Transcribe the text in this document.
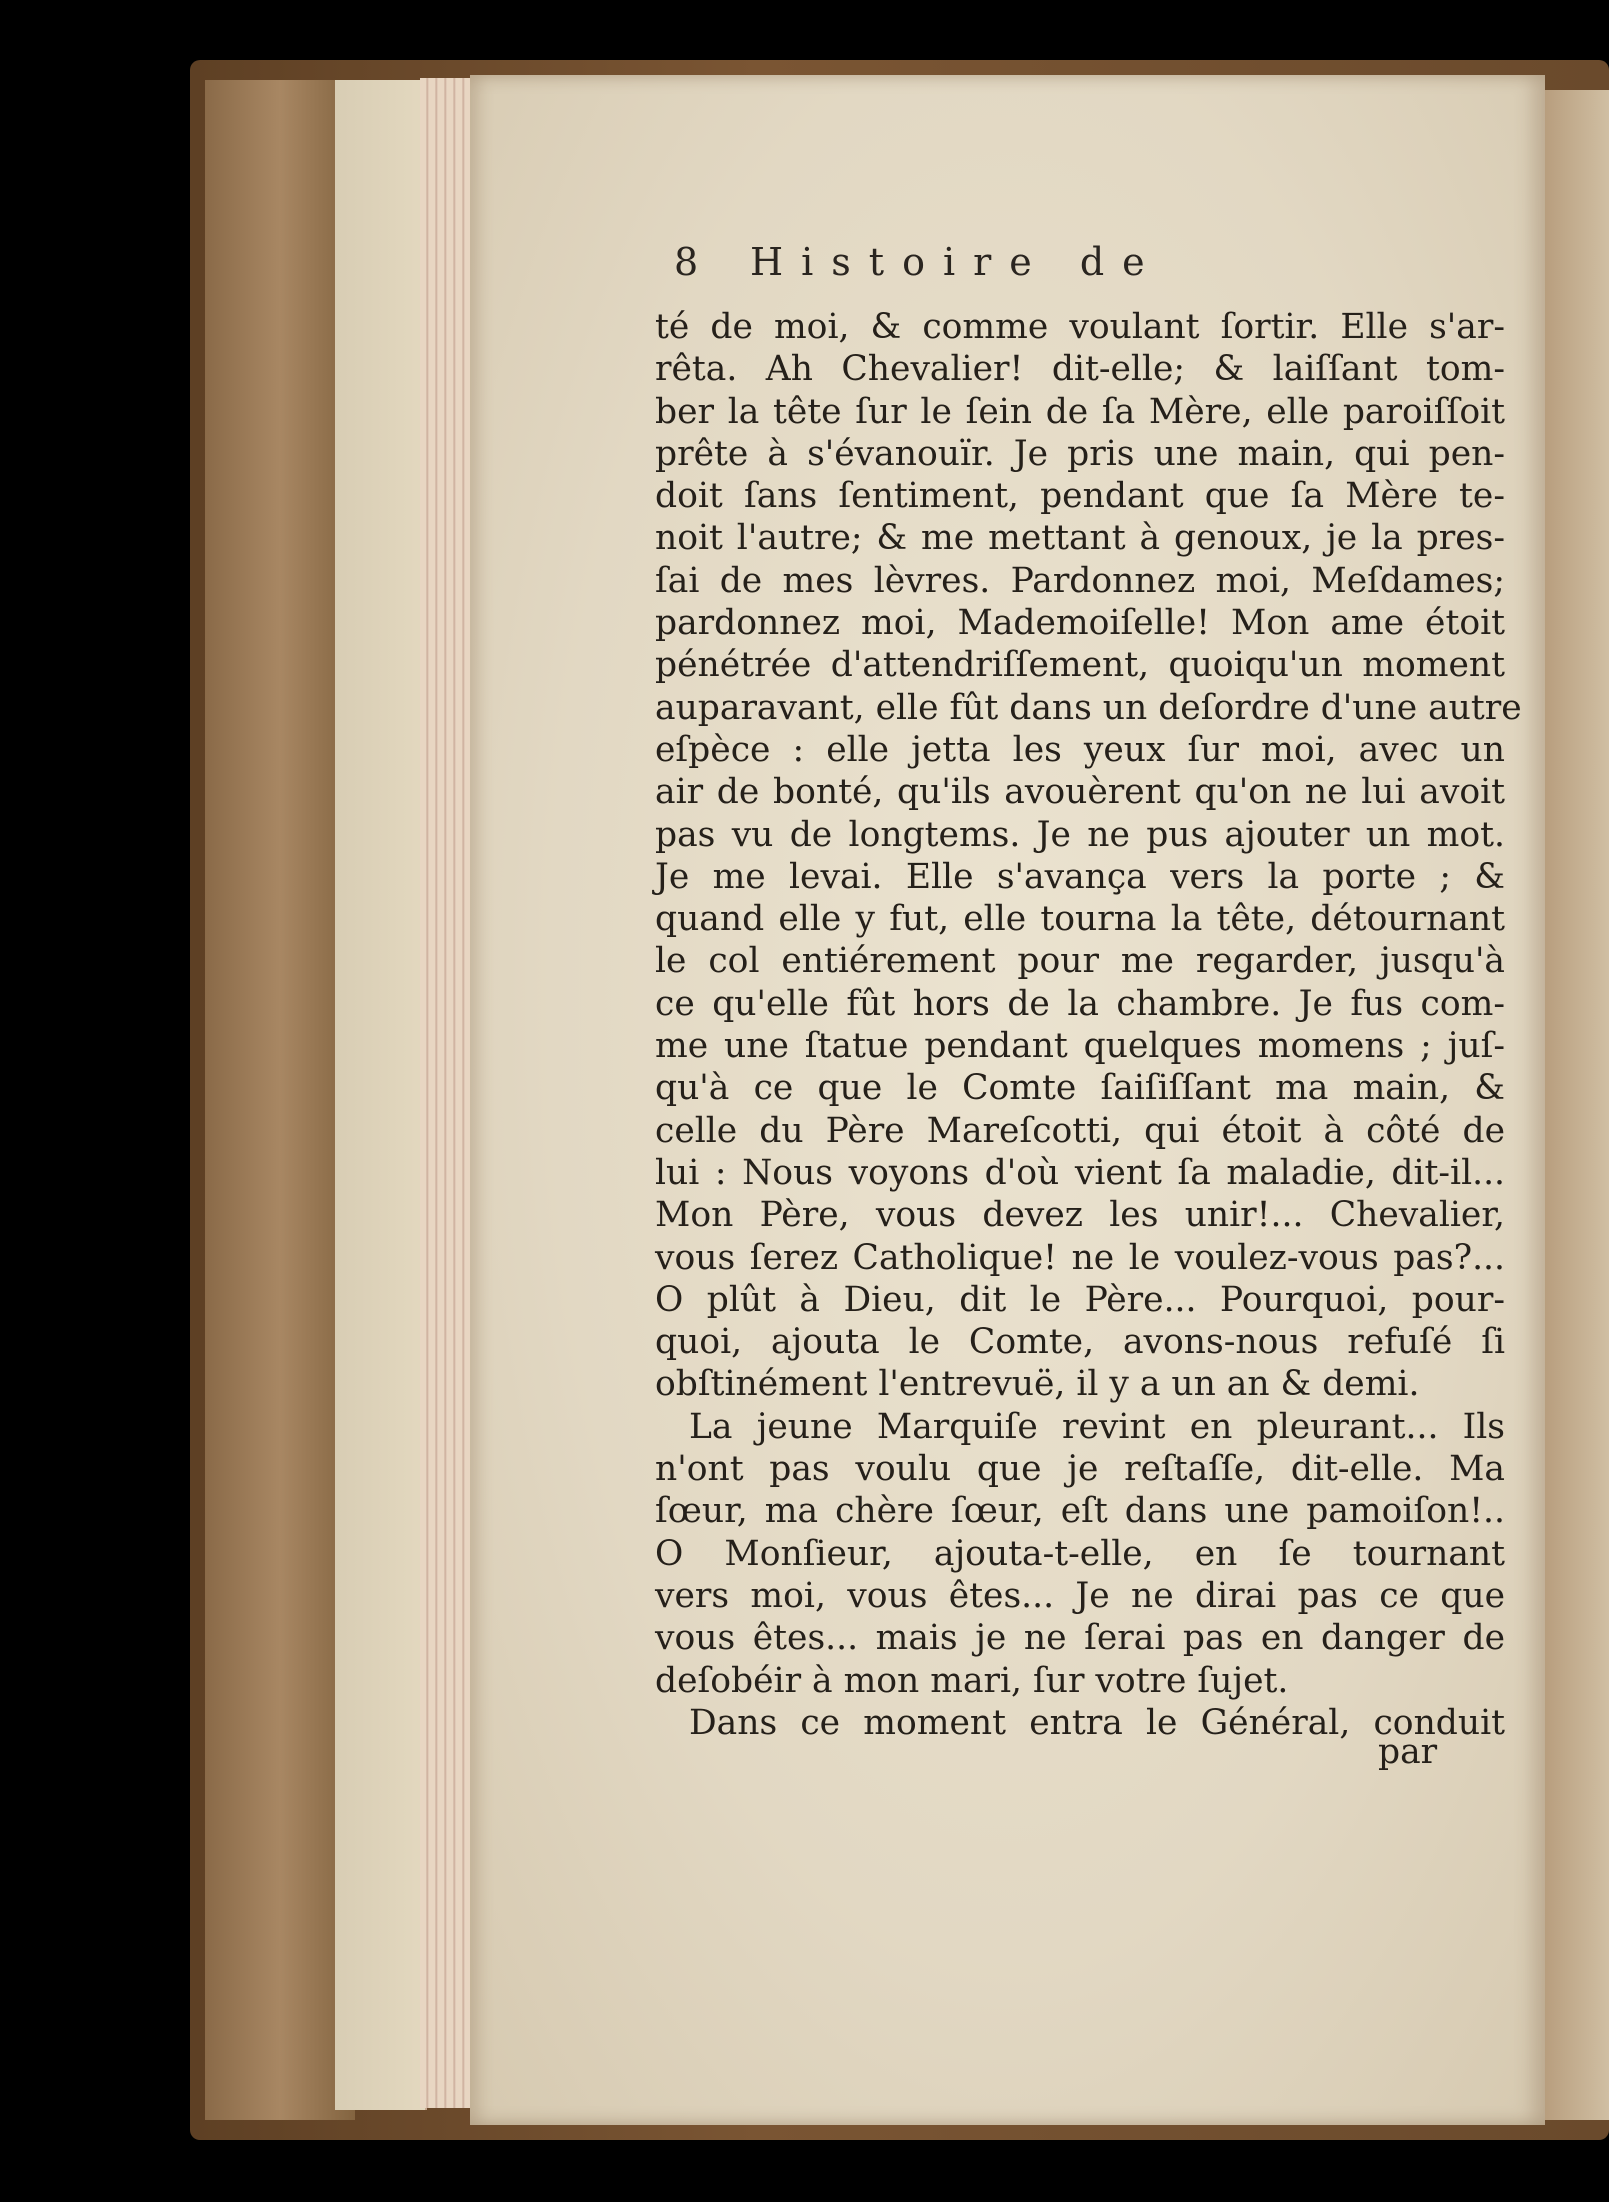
8 Histoire de
té de moi, & comme voulant ſortir. Elle s'ar-
rêta. Ah Chevalier! dit-elle; & laiſſant tom-
ber la tête ſur le ſein de ſa Mère, elle paroiſſoit
prête à s'évanouïr. Je pris une main, qui pen-
doit ſans ſentiment, pendant que ſa Mère te-
noit l'autre; & me mettant à genoux, je la pres-
ſai de mes lèvres. Pardonnez moi, Meſdames;
pardonnez moi, Mademoiſelle! Mon ame étoit
pénétrée d'attendriſſement, quoiqu'un moment
auparavant, elle fût dans un deſordre d'une autre
eſpèce : elle jetta les yeux ſur moi, avec un
air de bonté, qu'ils avouèrent qu'on ne lui avoit
pas vu de longtems. Je ne pus ajouter un mot.
Je me levai. Elle s'avança vers la porte ; &
quand elle y fut, elle tourna la tête, détournant
le col entiérement pour me regarder, jusqu'à
ce qu'elle fût hors de la chambre. Je fus com-
me une ſtatue pendant quelques momens ; juſ-
qu'à ce que le Comte ſaiſiſſant ma main, &
celle du Père Mareſcotti, qui étoit à côté de
lui : Nous voyons d'où vient ſa maladie, dit-il...
Mon Père, vous devez les unir!... Chevalier,
vous ſerez Catholique! ne le voulez-vous pas?...
O plût à Dieu, dit le Père... Pourquoi, pour-
quoi, ajouta le Comte, avons-nous refuſé ſi
obſtinément l'entrevuë, il y a un an & demi.
La jeune Marquiſe revint en pleurant... Ils
n'ont pas voulu que je reſtaſſe, dit-elle. Ma
ſœur, ma chère ſœur, eſt dans une pamoiſon!..
O Monſieur, ajouta-t-elle, en ſe tournant
vers moi, vous êtes... Je ne dirai pas ce que
vous êtes... mais je ne ſerai pas en danger de
deſobéir à mon mari, ſur votre ſujet.
Dans ce moment entra le Général, conduit
par
